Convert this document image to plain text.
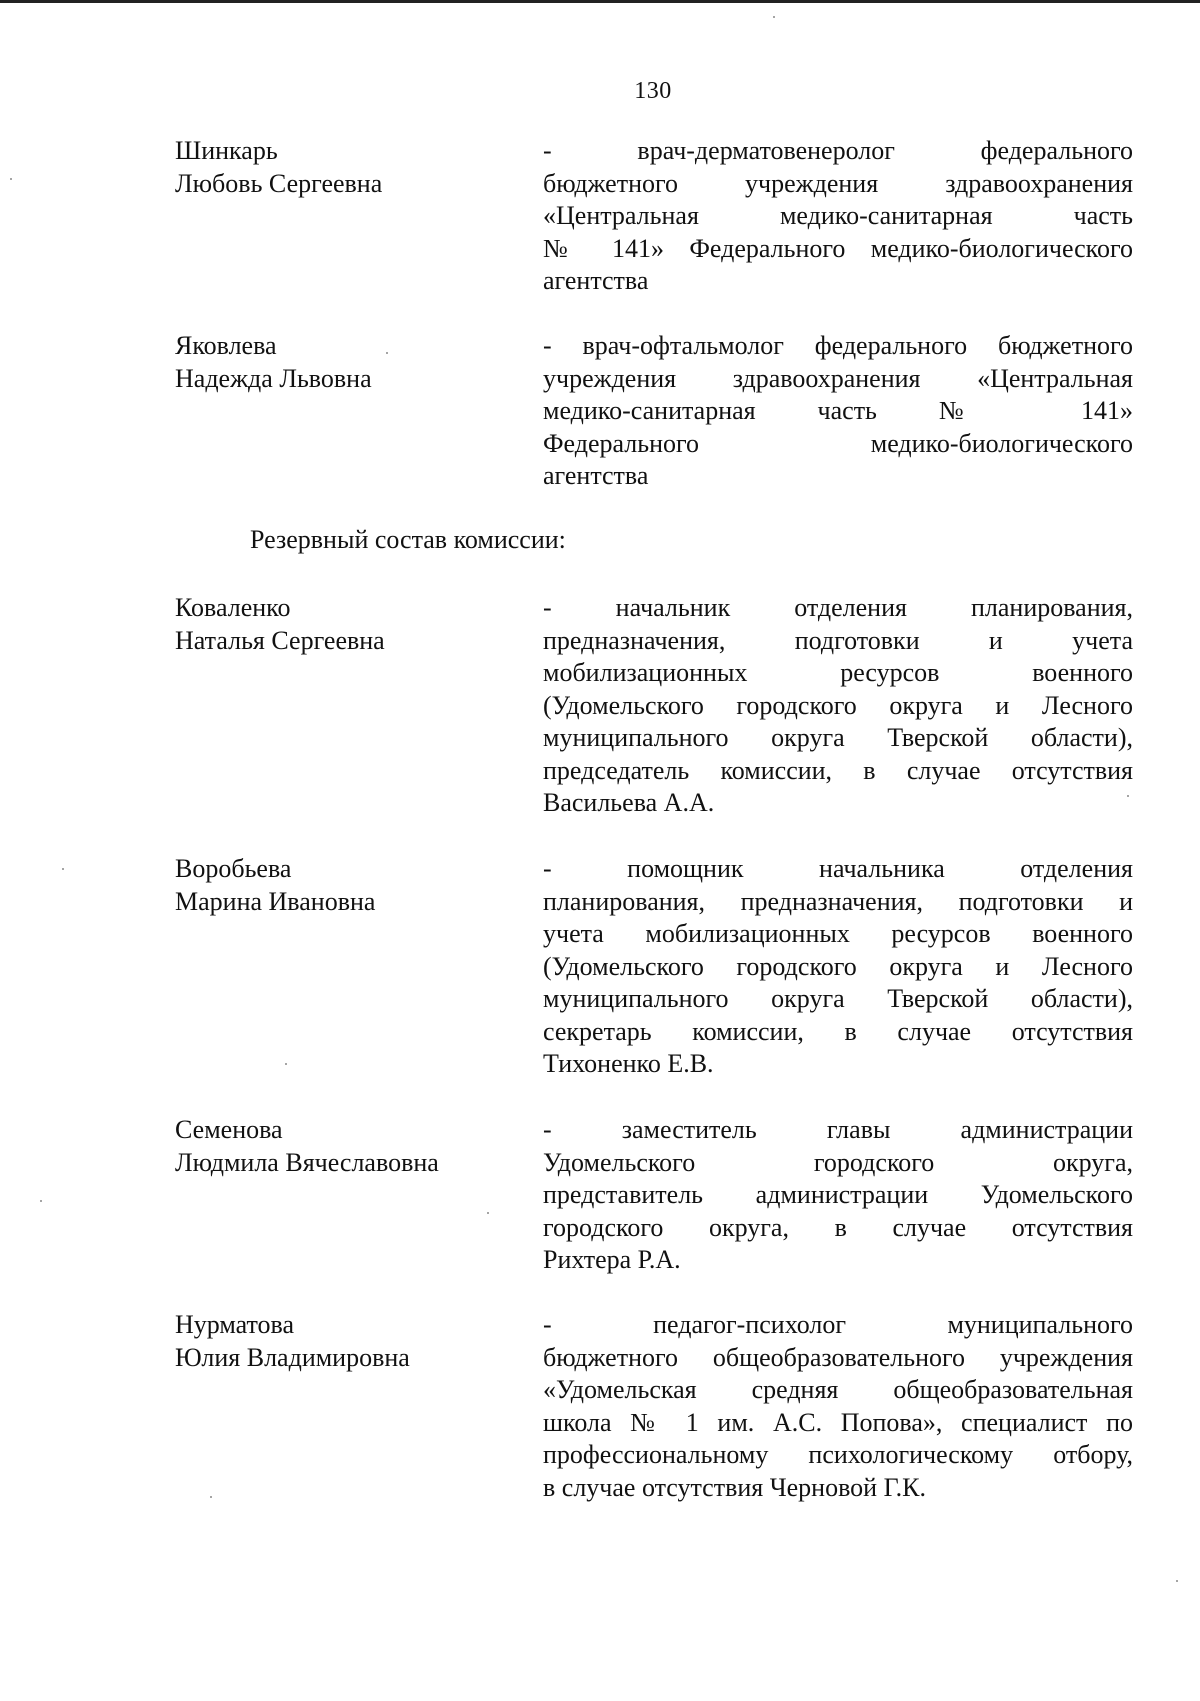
130
Шинкарь
Любовь Сергеевна
- врач-дерматовенеролог федерального
бюджетного учреждения здравоохранения
«Центральная медико-санитарная часть
№ 141» Федерального медико-биологического
агентства
Яковлева
Надежда Львовна
- врач-офтальмолог федерального бюджетного
учреждения здравоохранения «Центральная
медико-санитарная часть № 141»
Федерального медико-биологического
агентства
Резервный состав комиссии:
Коваленко
Наталья Сергеевна
- начальник отделения планирования,
предназначения, подготовки и учета
мобилизационных ресурсов военного
(Удомельского городского округа и Лесного
муниципального округа Тверской области),
председатель комиссии, в случае отсутствия
Васильева А.А.
Воробьева
Марина Ивановна
- помощник начальника отделения
планирования, предназначения, подготовки и
учета мобилизационных ресурсов военного
(Удомельского городского округа и Лесного
муниципального округа Тверской области),
секретарь комиссии, в случае отсутствия
Тихоненко Е.В.
Семенова
Людмила Вячеславовна
- заместитель главы администрации
Удомельского городского округа,
представитель администрации Удомельского
городского округа, в случае отсутствия
Рихтера Р.А.
Нурматова
Юлия Владимировна
- педагог-психолог муниципального
бюджетного общеобразовательного учреждения
«Удомельская средняя общеобразовательная
школа № 1 им. А.С. Попова», специалист по
профессиональному психологическому отбору,
в случае отсутствия Черновой Г.К.
